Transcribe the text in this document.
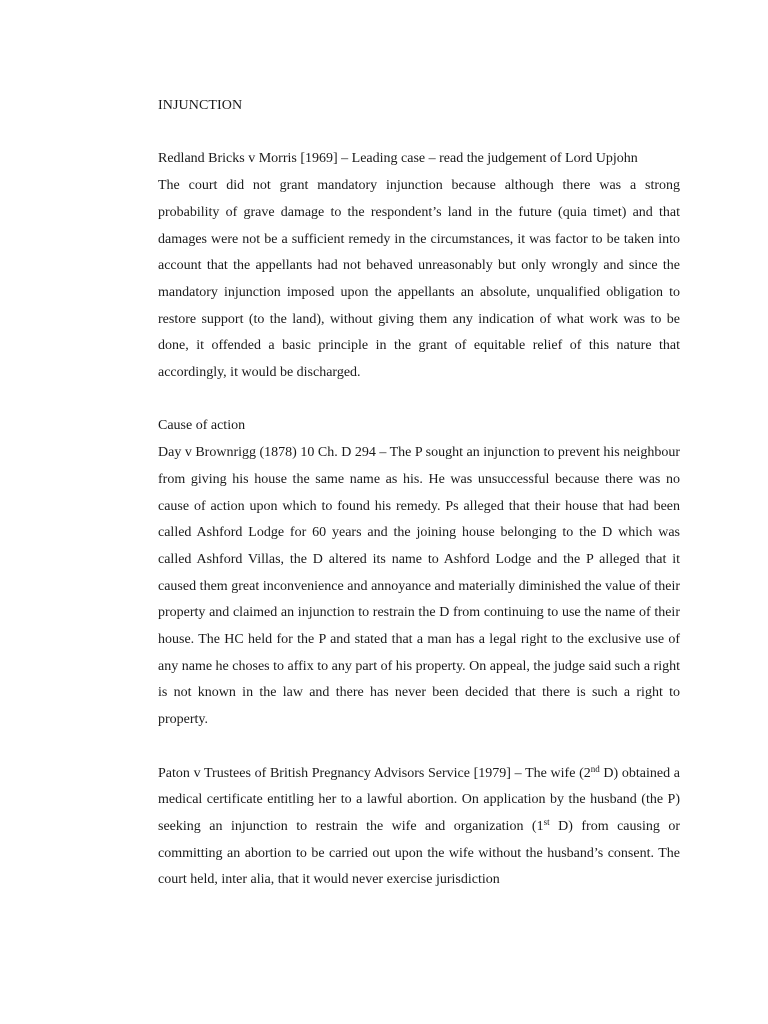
INJUNCTION

Redland Bricks v Morris [1969] – Leading case – read the judgement of Lord Upjohn

The court did not grant mandatory injunction because although there was a strong probability of grave damage to the respondent’s land in the future (quia timet) and that damages were not be a sufficient remedy in the circumstances, it was factor to be taken into account that the appellants had not behaved unreasonably but only wrongly and since the mandatory injunction imposed upon the appellants an absolute, unqualified obligation to restore support (to the land), without giving them any indication of what work was to be done, it offended a basic principle in the grant of equitable relief of this nature that accordingly, it would be discharged.

Cause of action

Day v Brownrigg (1878) 10 Ch. D 294 – The P sought an injunction to prevent his neighbour from giving his house the same name as his. He was unsuccessful because there was no cause of action upon which to found his remedy. Ps alleged that their house that had been called Ashford Lodge for 60 years and the joining house belonging to the D which was called Ashford Villas, the D altered its name to Ashford Lodge and the P alleged that it caused them great inconvenience and annoyance and materially diminished the value of their property and claimed an injunction to restrain the D from continuing to use the name of their house. The HC held for the P and stated that a man has a legal right to the exclusive use of any name he choses to affix to any part of his property. On appeal, the judge said such a right is not known in the law and there has never been decided that there is such a right to property.

Paton v Trustees of British Pregnancy Advisors Service [1979] – The wife (2nd D) obtained a medical certificate entitling her to a lawful abortion. On application by the husband (the P) seeking an injunction to restrain the wife and organization (1st D) from causing or committing an abortion to be carried out upon the wife without the husband’s consent. The court held, inter alia, that it would never exercise jurisdiction
